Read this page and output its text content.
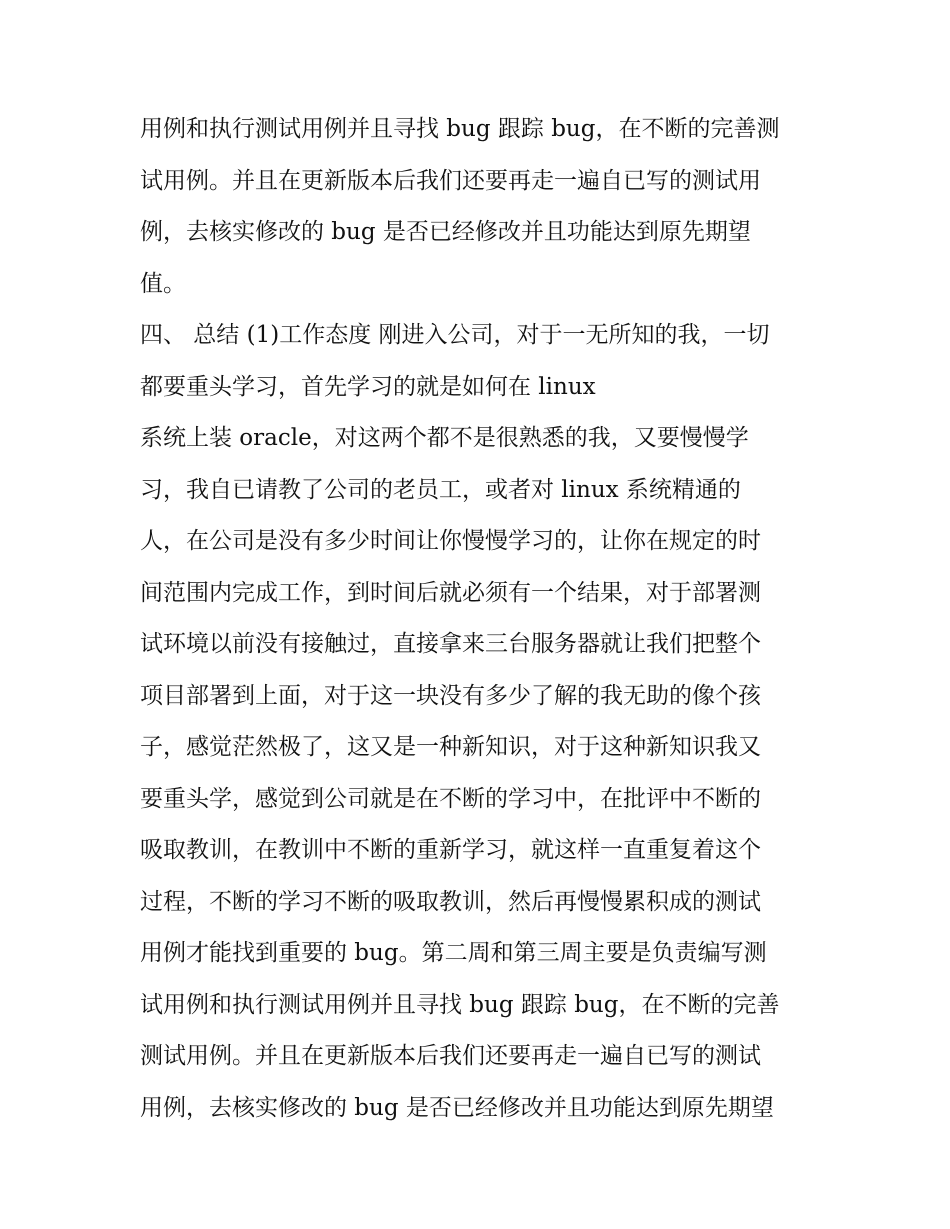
用例和执行测试用例并且寻找 bug 跟踪 bug，在不断的完善测
试用例。并且在更新版本后我们还要再走一遍自已写的测试用
例，去核实修改的 bug 是否已经修改并且功能达到原先期望
值。
四、 总结 (1)工作态度 刚进入公司，对于一无所知的我，一切
都要重头学习，首先学习的就是如何在 linux
系统上装 oracle，对这两个都不是很熟悉的我，又要慢慢学
习，我自已请教了公司的老员工，或者对 linux 系统精通的
人，在公司是没有多少时间让你慢慢学习的，让你在规定的时
间范围内完成工作，到时间后就必须有一个结果，对于部署测
试环境以前没有接触过，直接拿来三台服务器就让我们把整个
项目部署到上面，对于这一块没有多少了解的我无助的像个孩
子，感觉茫然极了，这又是一种新知识，对于这种新知识我又
要重头学，感觉到公司就是在不断的学习中，在批评中不断的
吸取教训，在教训中不断的重新学习，就这样一直重复着这个
过程，不断的学习不断的吸取教训，然后再慢慢累积成的测试
用例才能找到重要的 bug。第二周和第三周主要是负责编写测
试用例和执行测试用例并且寻找 bug 跟踪 bug，在不断的完善
测试用例。并且在更新版本后我们还要再走一遍自已写的测试
用例，去核实修改的 bug 是否已经修改并且功能达到原先期望
